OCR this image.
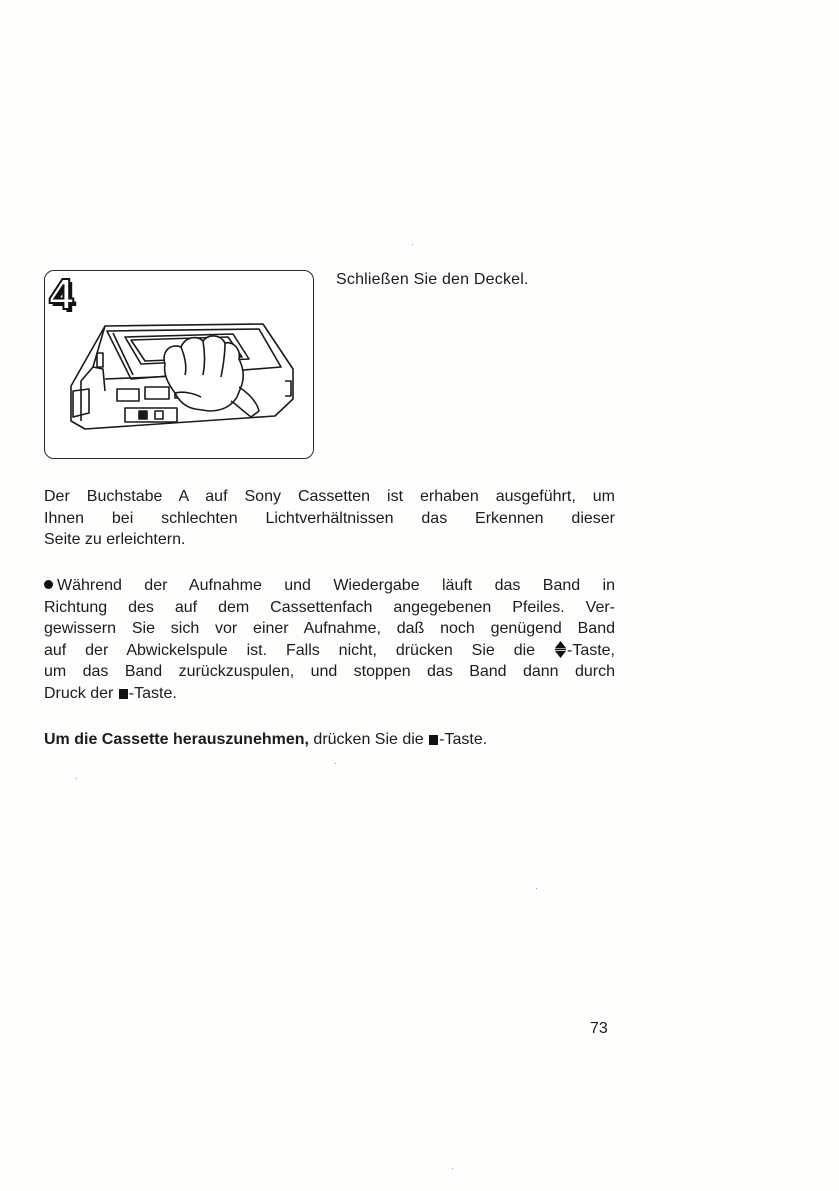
4	Schließen Sie den Deckel.

Der Buchstabe A auf Sony Cassetten ist erhaben ausgeführt, um
Ihnen bei schlechten Lichtverhältnissen das Erkennen dieser
Seite zu erleichtern.

Während der Aufnahme und Wiedergabe läuft das Band in
Richtung des auf dem Cassettenfach angegebenen Pfeiles. Ver-
gewissern Sie sich vor einer Aufnahme, daß noch genügend Band
auf der Abwickelspule ist. Falls nicht, drücken Sie die -Taste,
um das Band zurückzuspulen, und stoppen das Band dann durch
Druck der -Taste.

Um die Cassette herauszunehmen, drücken Sie die -Taste.

73
